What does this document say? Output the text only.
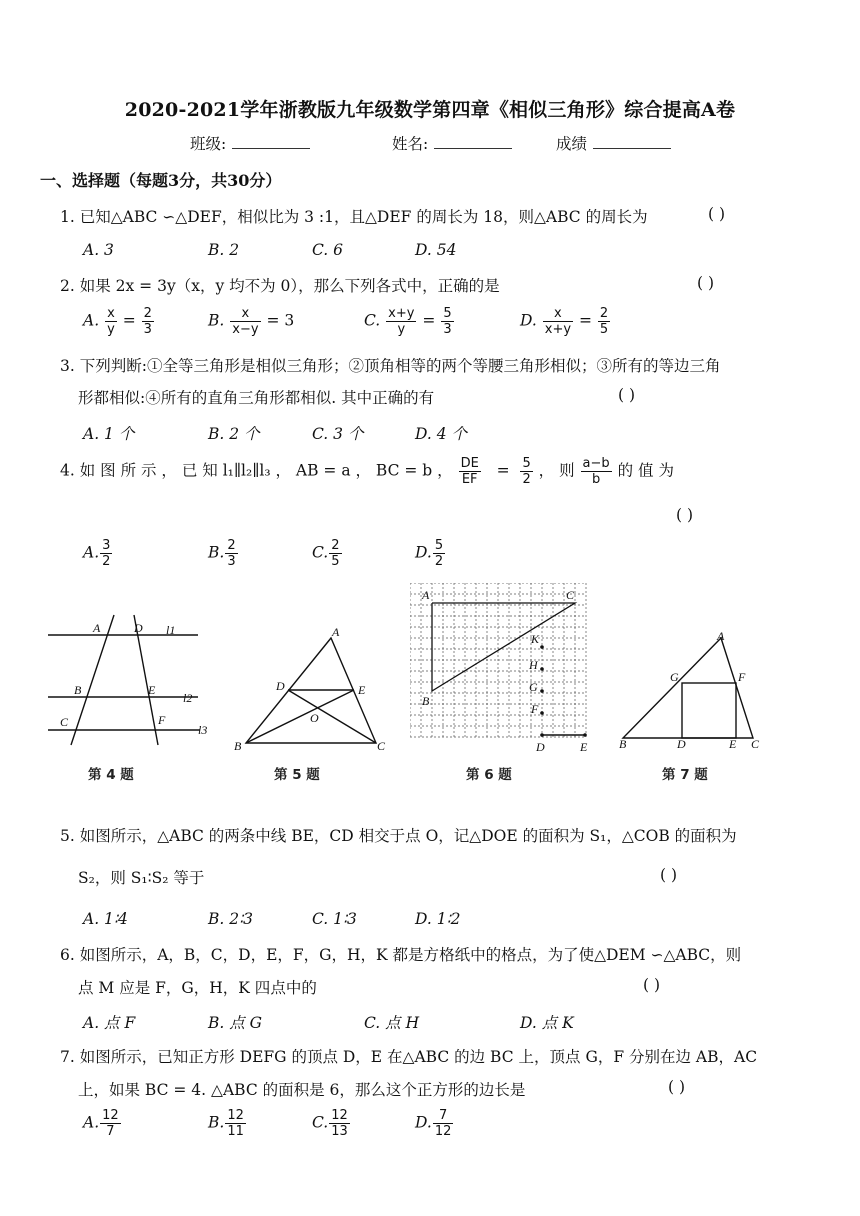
2020-2021学年浙教版九年级数学第四章《相似三角形》综合提高A卷
班级:	姓名:	成绩
一、选择题（每题3分，共30分）
1. 已知△ABC ∽△DEF，相似比为 3 :1，且△DEF 的周长为 18，则△ABC 的周长为	( )
A. 3	B. 2	C. 6	D. 54
2. 如果 2x = 3y（x，y 均不为 0），那么下列各式中，正确的是	( )
A. $\frac{x}{y} = \frac{2}{3}$	B. $\frac{x}{x-y} = 3$	C. $\frac{x+y}{y} = \frac{5}{3}$	D. $\frac{x}{x+y} = \frac{2}{5}$
3. 下列判断:①全等三角形是相似三角形；②顶角相等的两个等腰三角形相似；③所有的等边三角
形都相似:④所有的直角三角形都相似. 其中正确的有	( )
A. 1 个	B. 2 个	C. 3 个	D. 4 个
4. 如 图 所 示 ， 已 知 l₁∥l₂∥l₃ ， AB = a ， BC = b ， $\frac{DE}{EF} = \frac{5}{2}$ ， 则 $\frac{a-b}{b}$ 的 值 为
( )
A. $\frac{3}{2}$	B. $\frac{2}{3}$	C. $\frac{2}{5}$	D. $\frac{5}{2}$
A	D l1
B	E
l2
C	F
l3
A
D	E
O
B	C
A	C
K
H
G
F
B
D	E
A
G	F
B	D	E C
第 4 题	第 5 题	第 6 题	第 7 题
5. 如图所示，△ABC 的两条中线 BE，CD 相交于点 O，记△DOE 的面积为 S₁，△COB 的面积为
S₂，则 S₁∶S₂ 等于	( )
A. 1∶4	B. 2∶3	C. 1∶3	D. 1∶2
6. 如图所示，A，B，C，D，E，F，G，H，K 都是方格纸中的格点，为了使△DEM ∽△ABC，则
点 M 应是 F，G，H，K 四点中的	( )
A. 点 F	B. 点 G	C. 点 H	D. 点 K
7. 如图所示，已知正方形 DEFG 的顶点 D，E 在△ABC 的边 BC 上，顶点 G，F 分别在边 AB，AC
上，如果 BC = 4. △ABC 的面积是 6，那么这个正方形的边长是	( )
A. $\frac{12}{7}$	B. $\frac{12}{11}$	C. $\frac{12}{13}$	D. $\frac{7}{12}$
